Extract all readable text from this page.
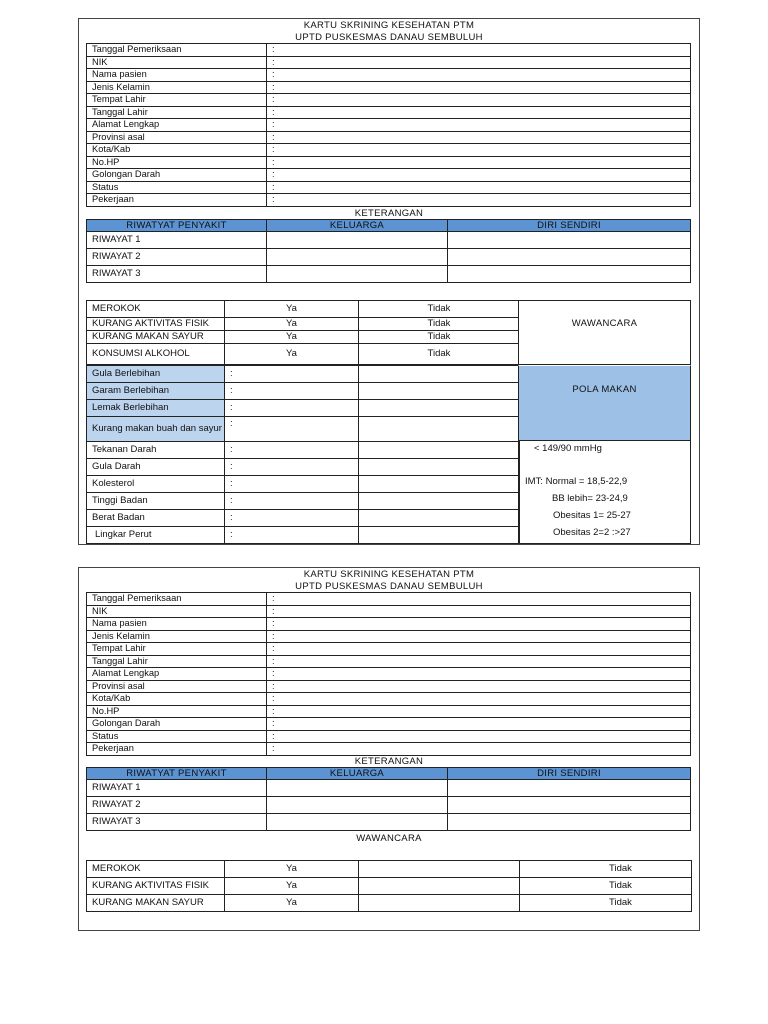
KARTU SKRINING KESEHATAN PTM
UPTD PUSKESMAS DANAU SEMBULUH
Tanggal Pemeriksaan	:
NIK	:
Nama pasien	:
Jenis Kelamin	:
Tempat Lahir	:
Tanggal Lahir	:
Alamat Lengkap	:
Provinsi asal	:
Kota/Kab	:
No.HP	:
Golongan Darah	:
Status	:
Pekerjaan	:
KETERANGAN
RIWATYAT PENYAKIT	KELUARGA	DIRI SENDIRI
RIWAYAT 1		
RIWAYAT 2		
RIWAYAT 3		
MEROKOK	Ya	Tidak
KURANG AKTIVITAS FISIK	Ya	Tidak
KURANG MAKAN SAYUR	Ya	Tidak
KONSUMSI ALKOHOL	Ya	Tidak
Gula Berlebihan	:	
Garam Berlebihan	:	
Lemak Berlebihan	:	
Kurang makan buah dan sayur	:	
Tekanan Darah	:	
Gula Darah	:	
Kolesterol	:	
Tinggi Badan	:	
Berat Badan	:	
Lingkar Perut	:	
WAWANCARA
POLA MAKAN
< 149/90 mmHg
IMT: Normal = 18,5-22,9
BB lebih= 23-24,9
Obesitas 1= 25-27
Obesitas 2=2 :>27
KARTU SKRINING KESEHATAN PTM
UPTD PUSKESMAS DANAU SEMBULUH
Tanggal Pemeriksaan	:
NIK	:
Nama pasien	:
Jenis Kelamin	:
Tempat Lahir	:
Tanggal Lahir	:
Alamat Lengkap	:
Provinsi asal	:
Kota/Kab	:
No.HP	:
Golongan Darah	:
Status	:
Pekerjaan	:
KETERANGAN
RIWATYAT PENYAKIT	KELUARGA	DIRI SENDIRI
RIWAYAT 1		
RIWAYAT 2		
RIWAYAT 3		
WAWANCARA
MEROKOK	Ya		Tidak
KURANG AKTIVITAS FISIK	Ya		Tidak
KURANG MAKAN SAYUR	Ya		Tidak
